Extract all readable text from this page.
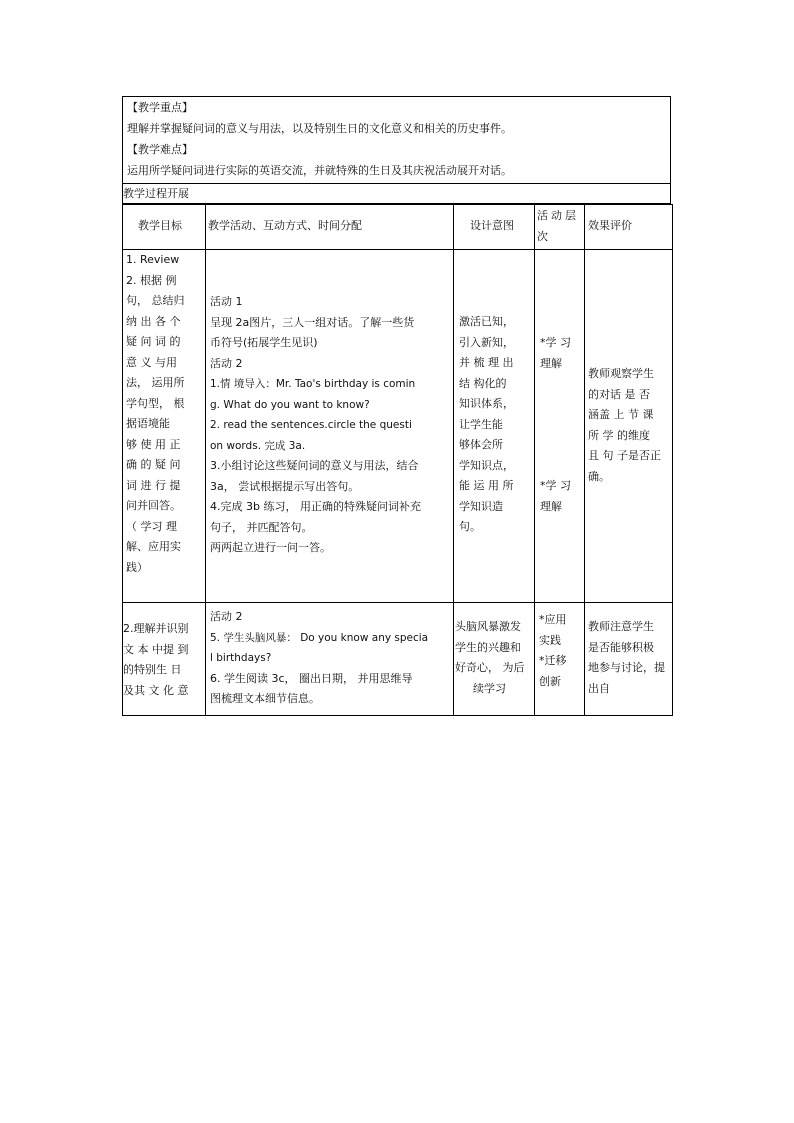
【教学重点】
理解并掌握疑问词的意义与用法，以及特别生日的文化意义和相关的历史事件。
【教学难点】
运用所学疑问词进行实际的英语交流，并就特殊的生日及其庆祝活动展开对话。
教学过程开展
教学目标 教学活动、互动方式、时间分配	设计意图
活动层次
效果评价
1. Review
2. 根据 例
句， 总结归
纳 出 各 个
疑 问 词 的
意 义 与用
法， 运用所
学句型， 根
据语境能
够 使 用 正
确 的 疑 问
词 进 行 提
问并回答。
（ 学习 理
解、应用实
践）
活动 1
呈现 2a图片，三人一组对话。了解一些货
币符号(拓展学生见识)
活动 2
1.情 境导入：Mr. Tao's birthday is comin
g. What do you want to know?
2. read the sentences.circle the questi
on words. 完成 3a.
3.小组讨论这些疑问词的意义与用法，结合
3a， 尝试根据提示写出答句。
4.完成 3b 练习， 用正确的特殊疑问词补充
句子， 并匹配答句。
两两起立进行一问一答。
激活已知，
引入新知，
并 梳 理 出
结 构化的
知识体系，
让学生能
够体会所
学知识点，
能 运 用 所
学知识造
句。
*学 习
理解
*学 习
理解
教师观察学生
的对话 是 否
涵盖 上 节 课
所 学 的维度
且 句 子是否正
确。
2.理解并识别
文 本 中提 到
的特别生 日
及其 文 化 意
活动 2
5. 学生头脑风暴： Do you know any specia
l birthdays?
6. 学生阅读 3c， 圈出日期， 并用思维导
图梳理文本细节信息。
头脑风暴激发
学生的兴趣和
好奇心， 为后
续学习
*应用
实践
*迁移
创新
教师注意学生
是否能够积极
地参与讨论，提
出自
